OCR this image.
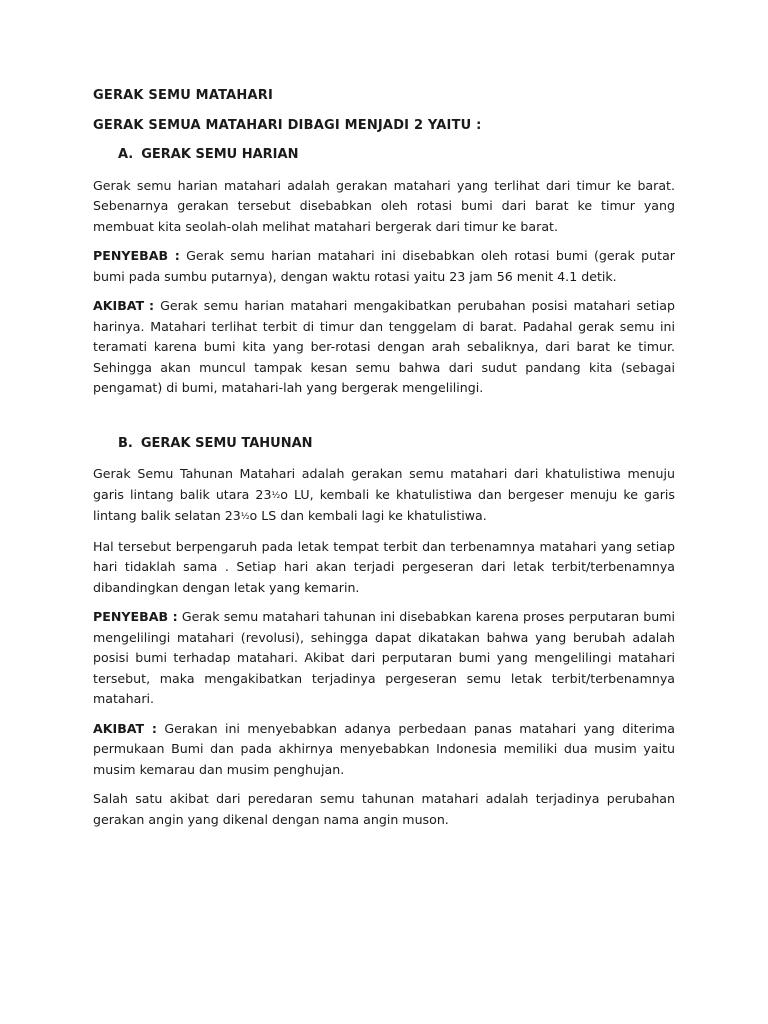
GERAK SEMU MATAHARI
GERAK SEMUA MATAHARI DIBAGI MENJADI 2 YAITU :
A. GERAK SEMU HARIAN

Gerak semu harian matahari adalah gerakan matahari yang terlihat dari timur ke barat. Sebenarnya gerakan tersebut disebabkan oleh rotasi bumi dari barat ke timur yang membuat kita seolah-olah melihat matahari bergerak dari timur ke barat.

PENYEBAB : Gerak semu harian matahari ini disebabkan oleh rotasi bumi (gerak putar bumi pada sumbu putarnya), dengan waktu rotasi yaitu 23 jam 56 menit 4.1 detik.

AKIBAT : Gerak semu harian matahari mengakibatkan perubahan posisi matahari setiap harinya. Matahari terlihat terbit di timur dan tenggelam di barat. Padahal gerak semu ini teramati karena bumi kita yang ber-rotasi dengan arah sebaliknya, dari barat ke timur. Sehingga akan muncul tampak kesan semu bahwa dari sudut pandang kita (sebagai pengamat) di bumi, matahari-lah yang bergerak mengelilingi.

B. GERAK SEMU TAHUNAN

Gerak Semu Tahunan Matahari adalah gerakan semu matahari dari khatulistiwa menuju garis lintang balik utara 23½o LU, kembali ke khatulistiwa dan bergeser menuju ke garis lintang balik selatan 23½o LS dan kembali lagi ke khatulistiwa.

Hal tersebut berpengaruh pada letak tempat terbit dan terbenamnya matahari yang setiap hari tidaklah sama . Setiap hari akan terjadi pergeseran dari letak terbit/terbenamnya dibandingkan dengan letak yang kemarin.

PENYEBAB : Gerak semu matahari tahunan ini disebabkan karena proses perputaran bumi mengelilingi matahari (revolusi), sehingga dapat dikatakan bahwa yang berubah adalah posisi bumi terhadap matahari. Akibat dari perputaran bumi yang mengelilingi matahari tersebut, maka mengakibatkan terjadinya pergeseran semu letak terbit/terbenamnya matahari.

AKIBAT : Gerakan ini menyebabkan adanya perbedaan panas matahari yang diterima permukaan Bumi dan pada akhirnya menyebabkan Indonesia memiliki dua musim yaitu musim kemarau dan musim penghujan.

Salah satu akibat dari peredaran semu tahunan matahari adalah terjadinya perubahan gerakan angin yang dikenal dengan nama angin muson.
